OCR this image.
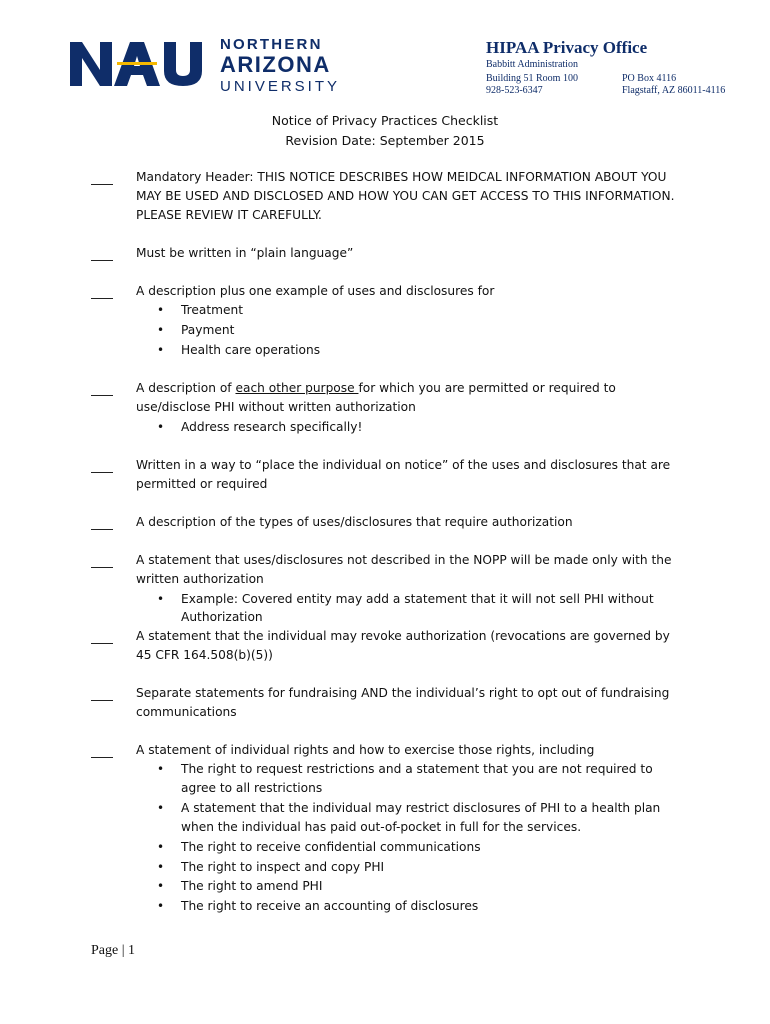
NORTHERN
ARIZONA
UNIVERSITY
HIPAA Privacy Office
Babbitt Administration
Building 51 Room 100
928-523-6347
PO Box 4116
Flagstaff, AZ 86011-4116
Notice of Privacy Practices Checklist
Revision Date: September 2015
Mandatory Header: THIS NOTICE DESCRIBES HOW MEIDCAL INFORMATION ABOUT YOU
MAY BE USED AND DISCLOSED AND HOW YOU CAN GET ACCESS TO THIS INFORMATION.
PLEASE REVIEW IT CAREFULLY.
Must be written in “plain language”
A description plus one example of uses and disclosures for
• Treatment
• Payment
• Health care operations
A description of each other purpose for which you are permitted or required to
use/disclose PHI without written authorization
• Address research specifically!
Written in a way to “place the individual on notice” of the uses and disclosures that are
permitted or required
A description of the types of uses/disclosures that require authorization
A statement that uses/disclosures not described in the NOPP will be made only with the
written authorization
• Example: Covered entity may add a statement that it will not sell PHI without
Authorization
A statement that the individual may revoke authorization (revocations are governed by
45 CFR 164.508(b)(5))
Separate statements for fundraising AND the individual’s right to opt out of fundraising
communications
A statement of individual rights and how to exercise those rights, including
• The right to request restrictions and a statement that you are not required to
agree to all restrictions
• A statement that the individual may restrict disclosures of PHI to a health plan
when the individual has paid out-of-pocket in full for the services.
• The right to receive confidential communications
• The right to inspect and copy PHI
• The right to amend PHI
• The right to receive an accounting of disclosures
Page | 1
